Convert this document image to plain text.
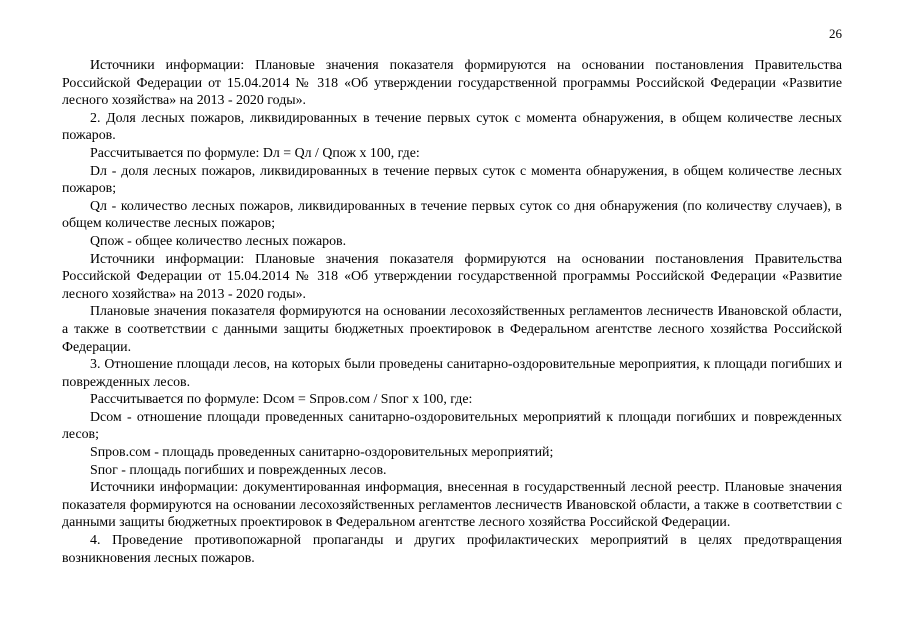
26

Источники информации: Плановые значения показателя формируются на основании постановления Правительства Российской Федерации от 15.04.2014 № 318 «Об утверждении государственной программы Российской Федерации «Развитие лесного хозяйства» на 2013 - 2020 годы».

2. Доля лесных пожаров, ликвидированных в течение первых суток с момента обнаружения, в общем количестве лесных пожаров.

Рассчитывается по формуле: Dл = Qл / Qпож x 100, где:

Dл - доля лесных пожаров, ликвидированных в течение первых суток с момента обнаружения, в общем количестве лесных пожаров;

Qл - количество лесных пожаров, ликвидированных в течение первых суток со дня обнаружения (по количеству случаев), в общем количестве лесных пожаров;

Qпож - общее количество лесных пожаров.

Источники информации: Плановые значения показателя формируются на основании постановления Правительства Российской Федерации от 15.04.2014 № 318 «Об утверждении государственной программы Российской Федерации «Развитие лесного хозяйства» на 2013 - 2020 годы».

Плановые значения показателя формируются на основании лесохозяйственных регламентов лесничеств Ивановской области, а также в соответствии с данными защиты бюджетных проектировок в Федеральном агентстве лесного хозяйства Российской Федерации.

3. Отношение площади лесов, на которых были проведены санитарно-оздоровительные мероприятия, к площади погибших и поврежденных лесов.

Рассчитывается по формуле: Dсом = Sпров.сом / Sпог x 100, где:

Dсом - отношение площади проведенных санитарно-оздоровительных мероприятий к площади погибших и поврежденных лесов;

Sпров.сом - площадь проведенных санитарно-оздоровительных мероприятий;

Sпог - площадь погибших и поврежденных лесов.

Источники информации: документированная информация, внесенная в государственный лесной реестр. Плановые значения показателя формируются на основании лесохозяйственных регламентов лесничеств Ивановской области, а также в соответствии с данными защиты бюджетных проектировок в Федеральном агентстве лесного хозяйства Российской Федерации.

4. Проведение противопожарной пропаганды и других профилактических мероприятий в целях предотвращения возникновения лесных пожаров.
